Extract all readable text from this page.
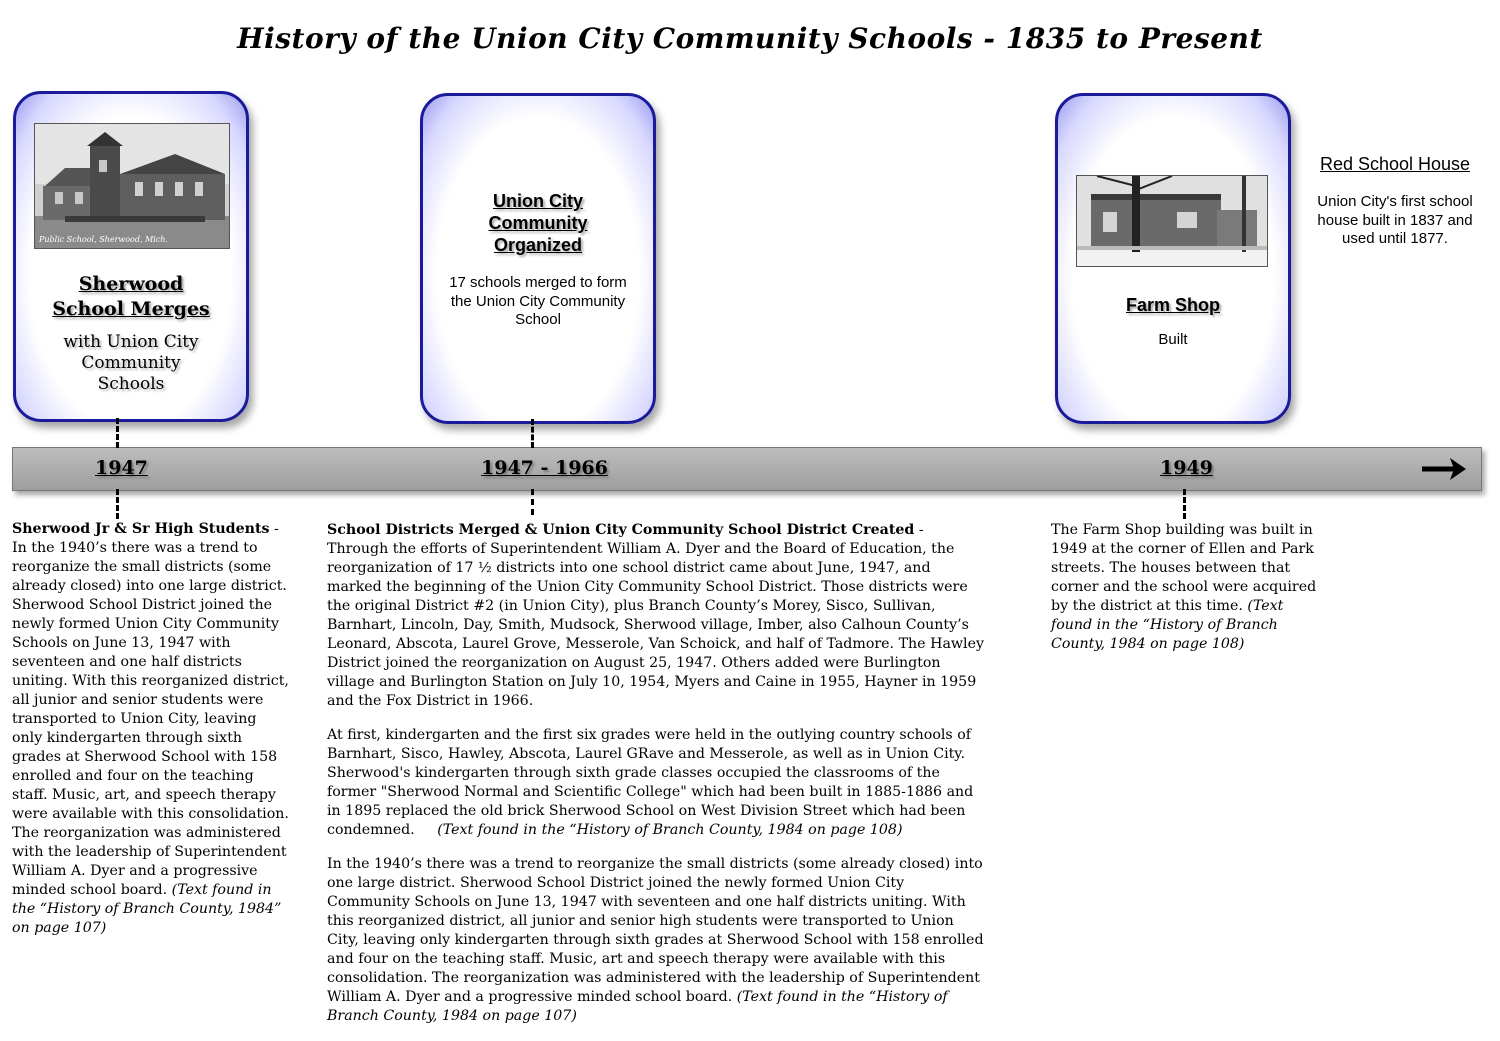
History of the Union City Community Schools - 1835 to Present
Public School, Sherwood, Mich.
Sherwood School Merges
with Union City Community Schools
Union City Community Organized
17 schools merged to form the Union City Community School
Farm Shop
Built
Red School House
Union City's first school house built in 1837 and used until 1877.
1947	1947 - 1966	1949

Sherwood Jr & Sr High Students - In the 1940’s there was a trend to reorganize the small districts (some already closed) into one large district. Sherwood School District joined the newly formed Union City Community Schools on June 13, 1947 with seventeen and one half districts uniting. With this reorganized district, all junior and senior students were transported to Union City, leaving only kindergarten through sixth grades at Sherwood School with 158 enrolled and four on the teaching staff. Music, art, and speech therapy were available with this consolidation. The reorganization was administered with the leadership of Superintendent William A. Dyer and a progressive minded school board. (Text found in the “History of Branch County, 1984” on page 107)

School Districts Merged & Union City Community School District Created - Through the efforts of Superintendent William A. Dyer and the Board of Education, the reorganization of 17 ½ districts into one school district came about June, 1947, and marked the beginning of the Union City Community School District. Those districts were the original District #2 (in Union City), plus Branch County’s Morey, Sisco, Sullivan, Barnhart, Lincoln, Day, Smith, Mudsock, Sherwood village, Imber, also Calhoun County’s Leonard, Abscota, Laurel Grove, Messerole, Van Schoick, and half of Tadmore. The Hawley District joined the reorganization on August 25, 1947. Others added were Burlington village and Burlington Station on July 10, 1954, Myers and Caine in 1955, Hayner in 1959 and the Fox District in 1966.

At first, kindergarten and the first six grades were held in the outlying country schools of Barnhart, Sisco, Hawley, Abscota, Laurel GRave and Messerole, as well as in Union City.  Sherwood's kindergarten through sixth grade classes occupied the classrooms of the former "Sherwood Normal and Scientific College" which had been built in 1885-1886 and in 1895 replaced the old brick Sherwood School on West Division Street which had been condemned.     (Text found in the “History of Branch County, 1984 on page 108)

In the 1940’s there was a trend to reorganize the small districts (some already closed) into one large district. Sherwood School District joined the newly formed Union City Community Schools on June 13, 1947 with seventeen and one half districts uniting. With this reorganized district, all junior and senior high students were transported to Union City, leaving only kindergarten through sixth grades at Sherwood School with 158 enrolled and four on the teaching staff. Music, art and speech therapy were available with this consolidation. The reorganization was administered with the leadership of Superintendent William A. Dyer and a progressive minded school board. (Text found in the “History of Branch County, 1984 on page 107)

The Farm Shop building was built in 1949 at the corner of Ellen and Park streets. The houses between that corner and the school were acquired by the district at this time. (Text found in the “History of Branch County, 1984 on page 108)
